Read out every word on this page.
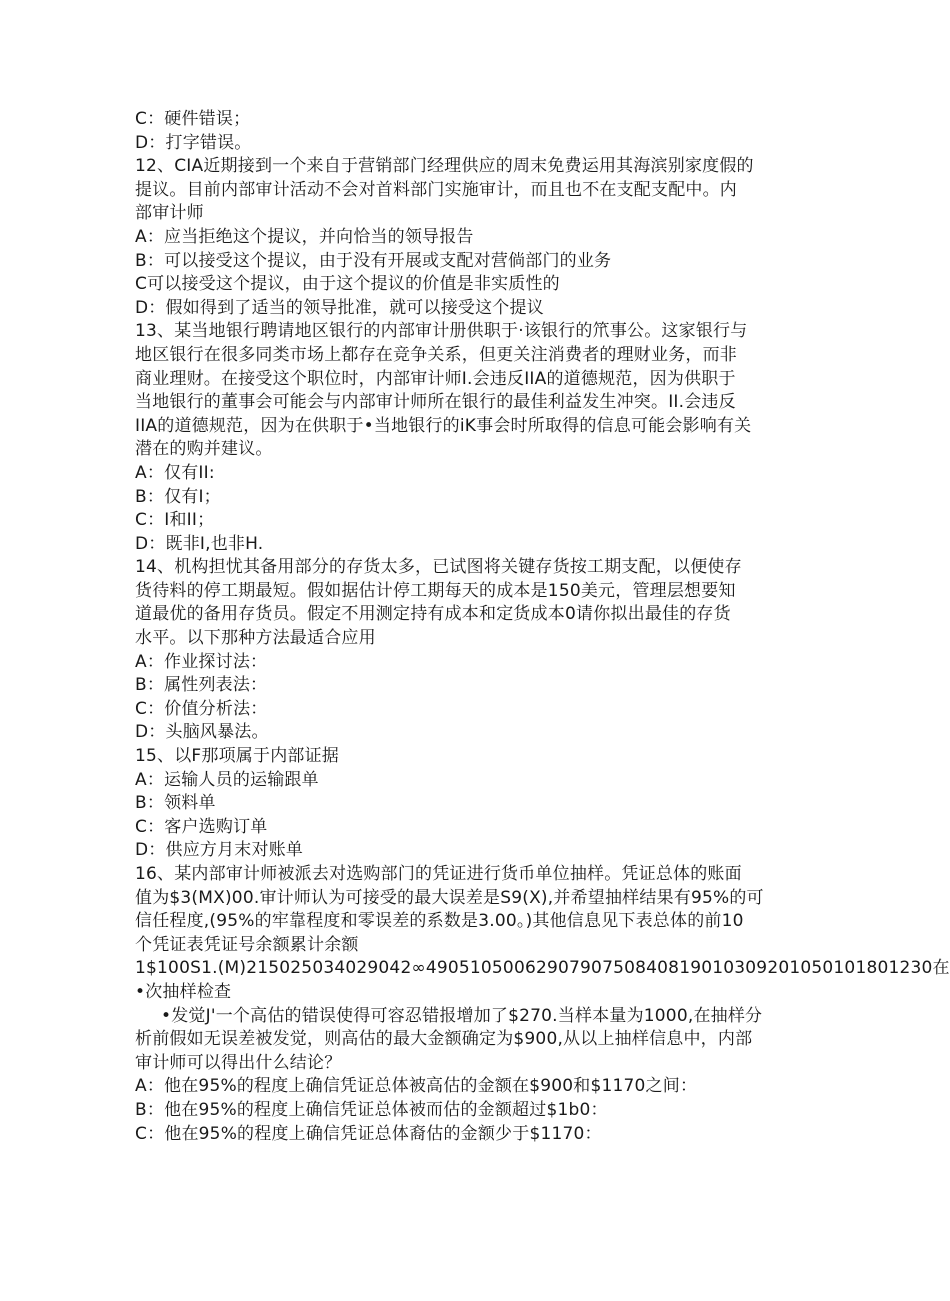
C：硬件错误；
D：打字错误。
12、CIA近期接到一个来自于营销部门经理供应的周末免费运用其海滨别家度假的
提议。目前内部审计活动不会对首料部门实施审计，而且也不在支配支配中。内
部审计师
A：应当拒绝这个提议，并向恰当的领导报告
B：可以接受这个提议，由于没有开展或支配对营倘部门的业务
C可以接受这个提议，由于这个提议的价值是非实质性的
D：假如得到了适当的领导批准，就可以接受这个提议
13、某当地银行聘请地区银行的内部审计册供职于·该银行的笊事公。这家银行与
地区银行在很多同类市场上都存在竞争关系，但更关注消费者的理财业务，而非
商业理财。在接受这个职位时，内部审计师I.会违反IIA的道德规范，因为供职于
当地银行的董事会可能会与内部审计师所在银行的最佳利益发生冲突。II.会违反
IIA的道德规范，因为在供职于•当地银行的iK事会时所取得的信息可能会影响有关
潜在的购并建议。
A：仅有II:
B：仅有I；
C：I和II；
D：既非I,也非H.
14、机构担忧其备用部分的存货太多，已试图将关键存货按工期支配，以便使存
货待料的停工期最短。假如据估计停工期每天的成本是150美元，管理层想要知
道最优的备用存货员。假定不用测定持有成本和定货成本0请你拟出最佳的存货
水平。以下那种方法最适合应用
A：作业探讨法：
B：属性列表法：
C：价值分析法：
D：头脑风暴法。
15、以F那项属于内部证据
A：运输人员的运输跟单
B：领料单
C：客户选购订单
D：供应方月末对账单
16、某内部审计师被派去对选购部门的凭证进行货币单位抽样。凭证总体的账面
值为$3(MX)00.审计师认为可接受的最大误差是S9(X),并希望抽样结果有95%的可
信任程度,(95%的牢靠程度和零误差的系数是3.00。)其他信息见下表总体的前10
个凭证表凭证号余额累计余额
1$100S1.(M)215025034029042∞49051050062907907508408190103092010501018012​30在
•次抽样检查
•发觉J'一个高估的错误使得可容忍错报增加了$270.当样本量为1000,在抽样分
析前假如无误差被发觉，则高估的最大金额确定为$900,从以上抽样信息中，内部
审计师可以得出什么结论？
A：他在95%的程度上确信凭证总体被高估的金额在$900和$1170之间：
B：他在95%的程度上确信凭证总体被而估的金额超过$1b0：
C：他在95%的程度上确信凭证总体裔估的金额少于$1170：
